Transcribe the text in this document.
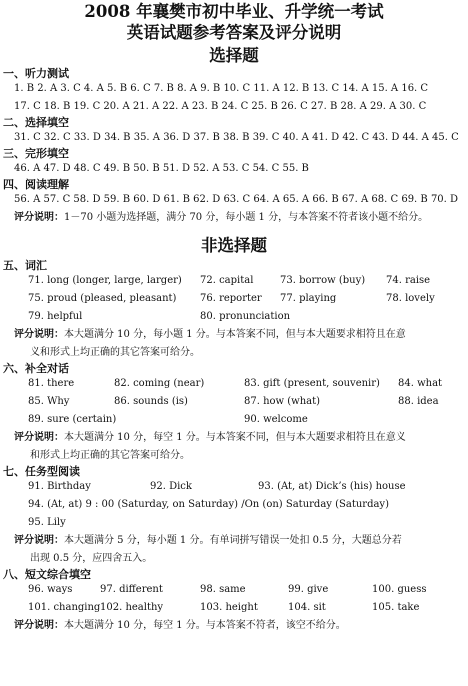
2008 年襄樊市初中毕业、升学统一考试
英语试题参考答案及评分说明
选择题
一、听力测试
1. B 2. A 3. C 4. A 5. B 6. C 7. B 8. A 9. B 10. C 11. A 12. B 13. C 14. A 15. A 16. C
17. C 18. B 19. C 20. A 21. A 22. A 23. B 24. C 25. B 26. C 27. B 28. A 29. A 30. C
二、选择填空
31. C 32. C 33. D 34. B 35. A 36. D 37. B 38. B 39. C 40. A 41. D 42. C 43. D 44. A 45. C
三、完形填空
46. A 47. D 48. C 49. B 50. B 51. D 52. A 53. C 54. C 55. B
四、阅读理解
56. A 57. C 58. D 59. B 60. D 61. B 62. D 63. C 64. A 65. A 66. B 67. A 68. C 69. B 70. D
评分说明：1－70 小题为选择题，满分 70 分，每小题 1 分，与本答案不符者该小题不给分。
非选择题
五、词汇
71. long (longer, large, larger) 72. capital	73. borrow (buy) 74. raise
75. proud (pleased, pleasant) 76. reporter 77. playing	78. lovely
79. helpful	80. pronunciation
评分说明：本大题满分 10 分，每小题 1 分。与本答案不同，但与本大题要求相符且在意
义和形式上均正确的其它答案可给分。
六、补全对话
81. there	82. coming (near)	83. gift (present, souvenir) 84. what
85. Why	86. sounds (is)	87. how (what)	88. idea
89. sure (certain)	90. welcome
评分说明：本大题满分 10 分，每空 1 分。与本答案不同，但与本大题要求相符且在意义
和形式上均正确的其它答案可给分。
七、任务型阅读
91. Birthday	92. Dick	93. (At, at) Dick’s (his) house
94. (At, at) 9 : 00 (Saturday, on Saturday) /On (on) Saturday (Saturday)
95. Lily
评分说明：本大题满分 5 分，每小题 1 分。有单词拼写错误一处扣 0.5 分，大题总分若
出现 0.5 分，应四舍五入。
八、短文综合填空
96. ways	97. different	98. same	99. give	100. guess
101. changing 102. healthy	103. height	104. sit	105. take
评分说明：本大题满分 10 分，每空 1 分。与本答案不符者，该空不给分。
